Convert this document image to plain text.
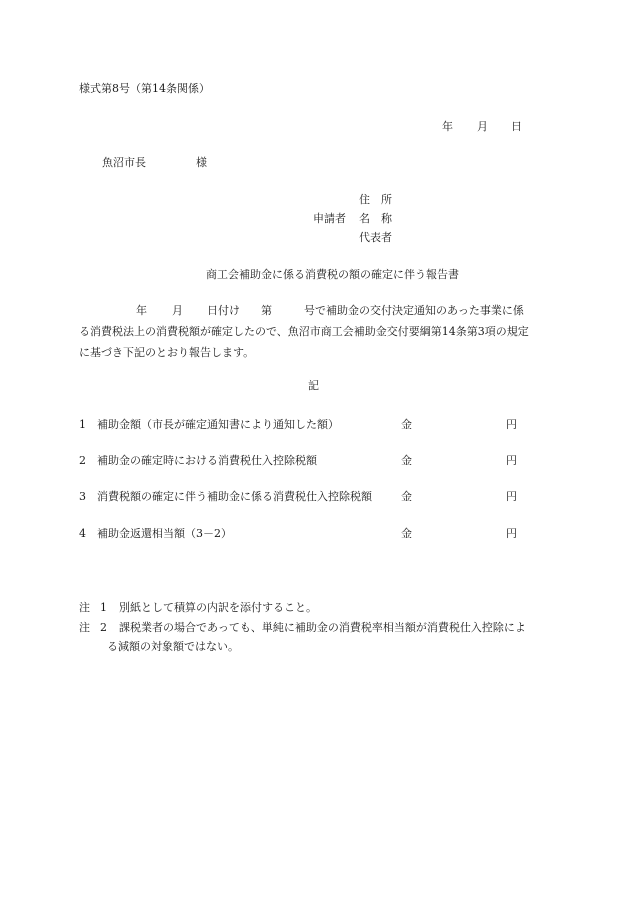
様式第8号（第14条関係）
年 月 日
魚沼市長	様
住　所
申請者 名　称
代表者
商工会補助金に係る消費税の額の確定に伴う報告書
年 月 日付け 第	号で補助金の交付決定通知のあった事業に係
る消費税法上の消費税額が確定したので、魚沼市商工会補助金交付要綱第14条第3項の規定
に基づき下記のとおり報告します。
記
1 補助金額（市長が確定通知書により通知した額）	金	円
2 補助金の確定時における消費税仕入控除税額	金	円
3 消費税額の確定に伴う補助金に係る消費税仕入控除税額	金	円
4 補助金返還相当額（3－2）	金	円
注 1 別紙として積算の内訳を添付すること。
注 2 課税業者の場合であっても、単純に補助金の消費税率相当額が消費税仕入控除によ
る減額の対象額ではない。
